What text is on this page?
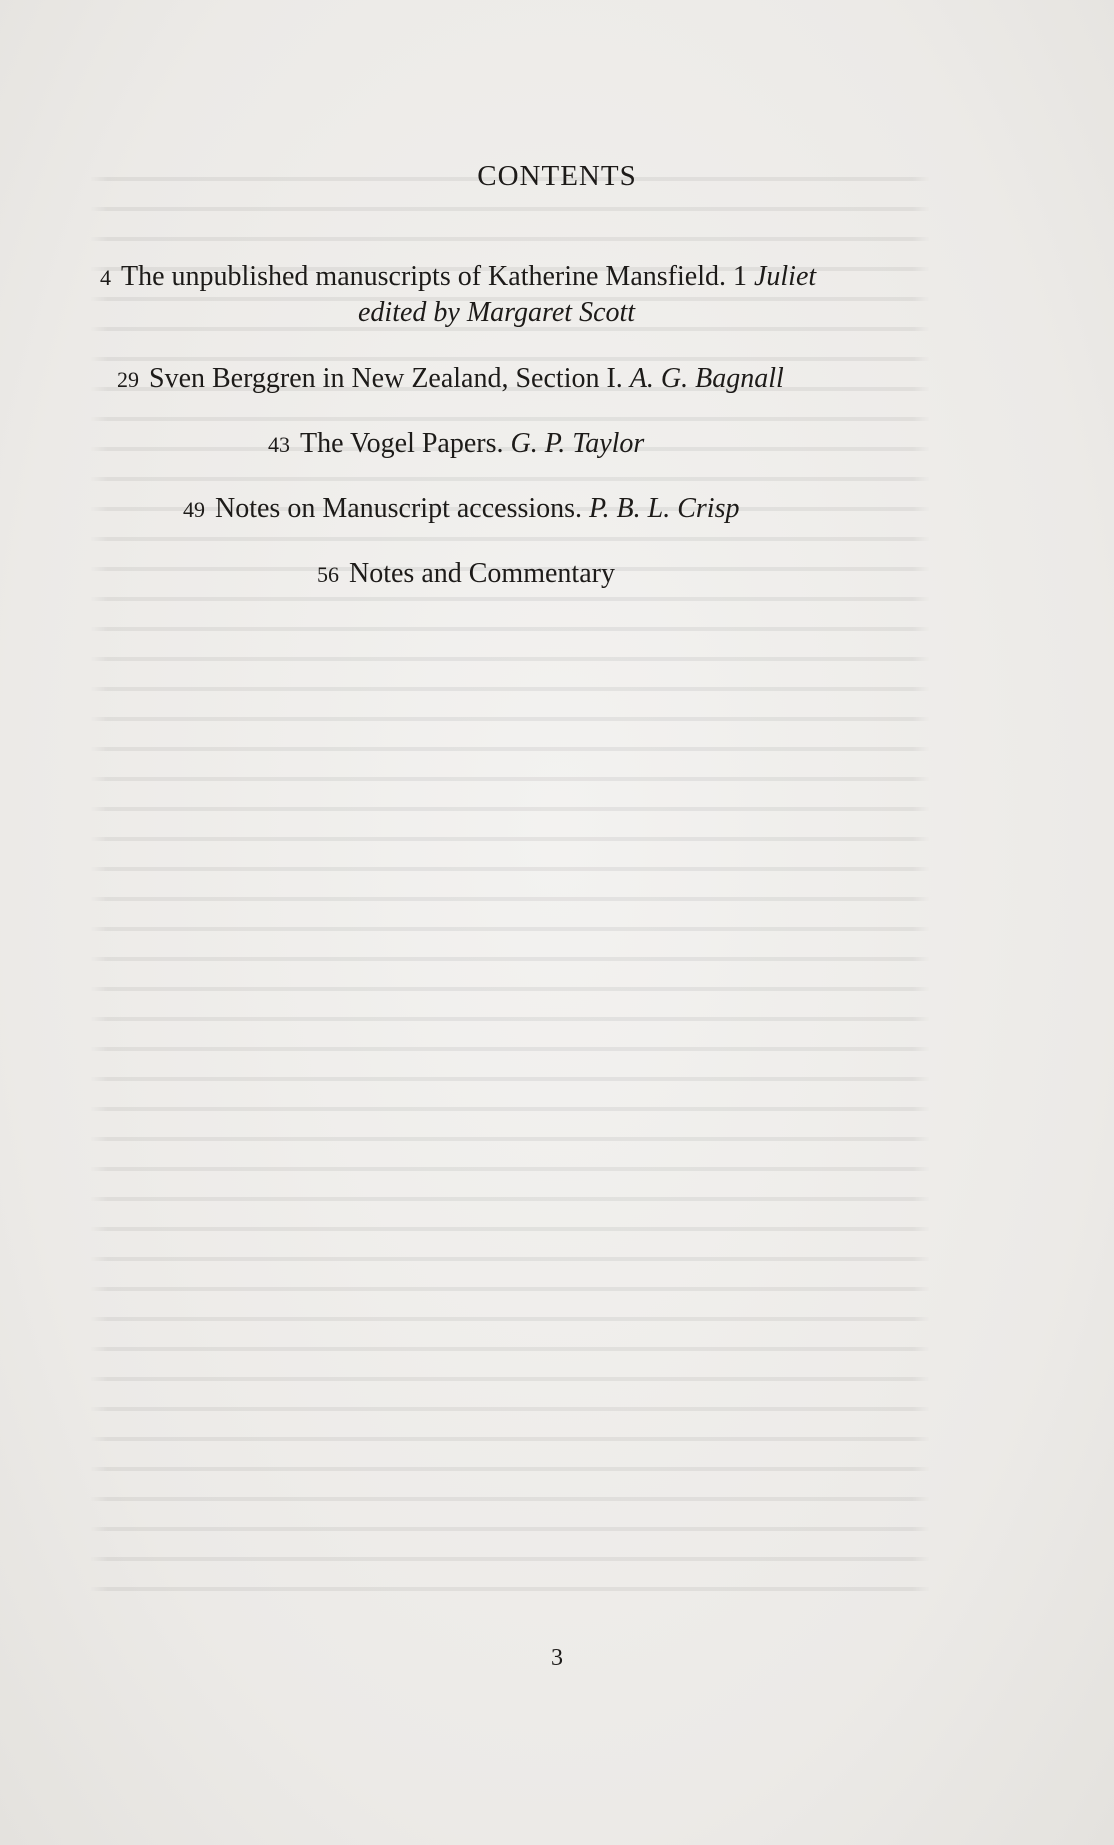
CONTENTS
4 The unpublished manuscripts of Katherine Mansfield. 1 Juliet
edited by Margaret Scott
29 Sven Berggren in New Zealand, Section I. A. G. Bagnall
43 The Vogel Papers. G. P. Taylor
49 Notes on Manuscript accessions. P. B. L. Crisp
56 Notes and Commentary
3
